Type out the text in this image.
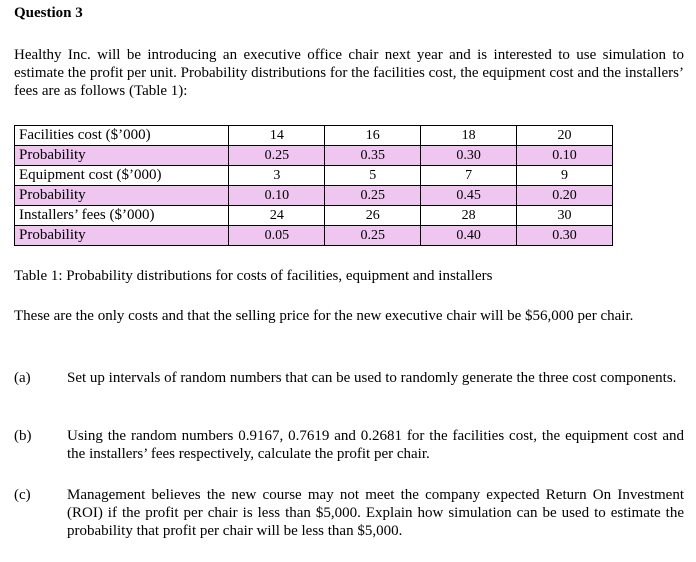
Question 3
Healthy Inc. will be introducing an executive office chair next year and is interested to use simulation to estimate the profit per unit. Probability distributions for the facilities cost, the equipment cost and the installers’ fees are as follows (Table 1):
Facilities cost ($’000)	14	16	18	20
Probability	0.25	0.35	0.30	0.10
Equipment cost ($’000)	3	5	7	9
Probability	0.10	0.25	0.45	0.20
Installers’ fees ($’000)	24	26	28	30
Probability	0.05	0.25	0.40	0.30
Table 1: Probability distributions for costs of facilities, equipment and installers
These are the only costs and that the selling price for the new executive chair will be $56,000 per chair.
(a) Set up intervals of random numbers that can be used to randomly generate the three cost components.
(b) Using the random numbers 0.9167, 0.7619 and 0.2681 for the facilities cost, the equipment cost and the installers’ fees respectively, calculate the profit per chair.
(c) Management believes the new course may not meet the company expected Return On Investment (ROI) if the profit per chair is less than $5,000. Explain how simulation can be used to estimate the probability that profit per chair will be less than $5,000.
